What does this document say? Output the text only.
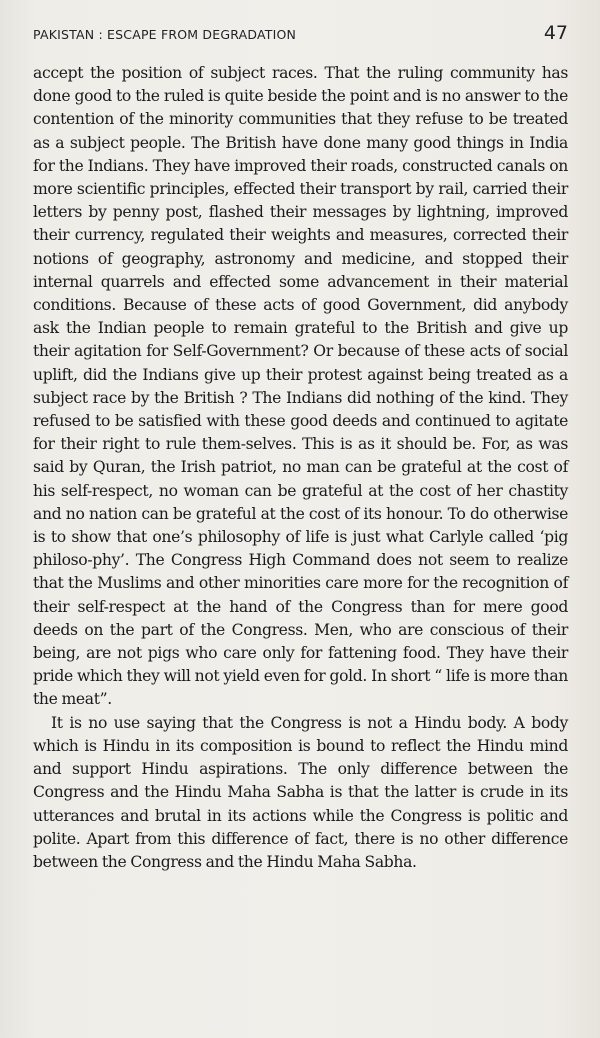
PAKISTAN : ESCAPE FROM DEGRADATION	47

accept the position of subject races. That the ruling community has done good to the ruled is quite beside the point and is no answer to the contention of the minority communities that they refuse to be treated as a subject people. The British have done many good things in India for the Indians. They have improved their roads, constructed canals on more scientific principles, effected their transport by rail, carried their letters by penny post, flashed their messages by lightning, improved their currency, regulated their weights and measures, corrected their notions of geography, astronomy and medicine, and stopped their internal quarrels and effected some advancement in their material conditions. Because of these acts of good Government, did anybody ask the Indian people to remain grateful to the British and give up their agitation for Self-Government? Or because of these acts of social uplift, did the Indians give up their protest against being treated as a subject race by the British ? The Indians did nothing of the kind. They refused to be satisfied with these good deeds and continued to agitate for their right to rule them-selves. This is as it should be. For, as was said by Quran, the Irish patriot, no man can be grateful at the cost of his self-respect, no woman can be grateful at the cost of her chastity and no nation can be grateful at the cost of its honour. To do otherwise is to show that one’s philosophy of life is just what Carlyle called ‘pig philoso-phy’. The Congress High Command does not seem to realize that the Muslims and other minorities care more for the recognition of their self-respect at the hand of the Congress than for mere good deeds on the part of the Congress. Men, who are conscious of their being, are not pigs who care only for fattening food. They have their pride which they will not yield even for gold. In short “ life is more than the meat”.

It is no use saying that the Congress is not a Hindu body. A body which is Hindu in its composition is bound to reflect the Hindu mind and support Hindu aspirations. The only difference between the Congress and the Hindu Maha Sabha is that the latter is crude in its utterances and brutal in its actions while the Congress is politic and polite. Apart from this difference of fact, there is no other difference between the Congress and the Hindu Maha Sabha.
